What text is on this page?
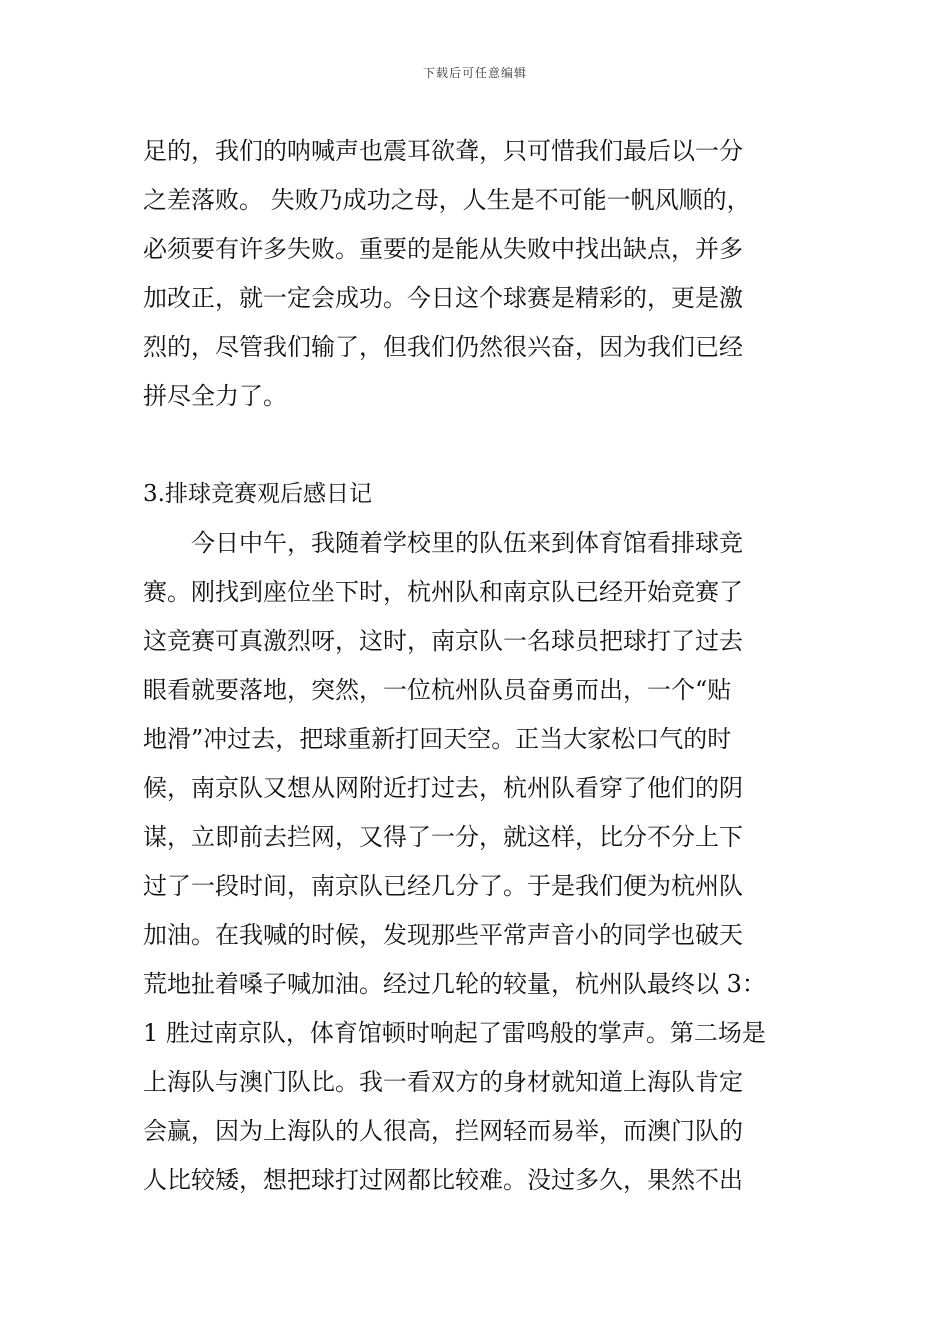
下载后可任意编辑
足的，我们的呐喊声也震耳欲聋，只可惜我们最后以一分
之差落败。 失败乃成功之母，人生是不可能一帆风顺的，
必须要有许多失败。重要的是能从失败中找出缺点，并多
加改正，就一定会成功。今日这个球赛是精彩的，更是激
烈的，尽管我们输了，但我们仍然很兴奋，因为我们已经
拼尽全力了。
3.排球竞赛观后感日记
　　今日中午，我随着学校里的队伍来到体育馆看排球竞
赛。刚找到座位坐下时，杭州队和南京队已经开始竞赛了
这竞赛可真激烈呀，这时，南京队一名球员把球打了过去
眼看就要落地，突然，一位杭州队员奋勇而出，一个“贴
地滑”冲过去，把球重新打回天空。正当大家松口气的时
候，南京队又想从网附近打过去，杭州队看穿了他们的阴
谋，立即前去拦网，又得了一分，就这样，比分不分上下
过了一段时间，南京队已经几分了。于是我们便为杭州队
加油。在我喊的时候，发现那些平常声音小的同学也破天
荒地扯着嗓子喊加油。经过几轮的较量，杭州队最终以 3：
1 胜过南京队，体育馆顿时响起了雷鸣般的掌声。第二场是
上海队与澳门队比。我一看双方的身材就知道上海队肯定
会赢，因为上海队的人很高，拦网轻而易举，而澳门队的
人比较矮，想把球打过网都比较难。没过多久，果然不出
